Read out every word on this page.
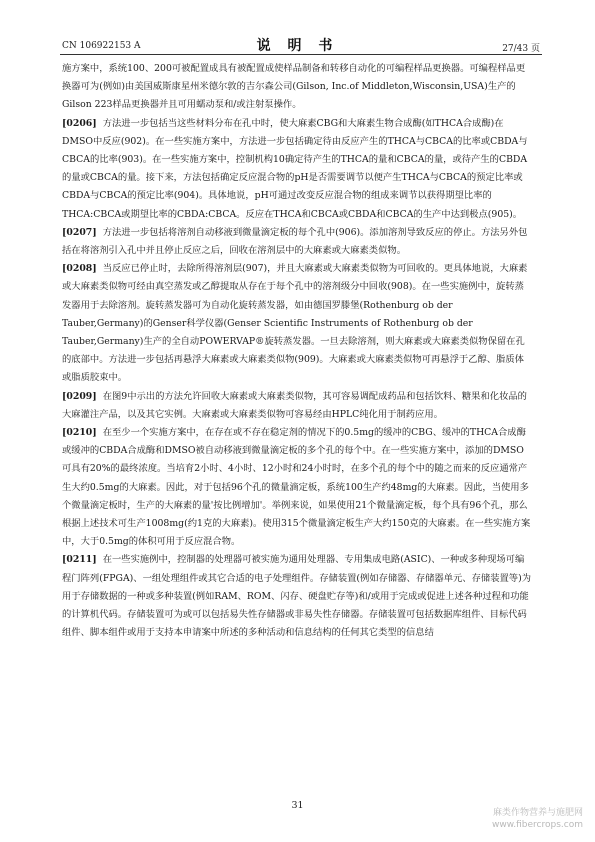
CN 106922153 A	说 明 书	27/43 页

施方案中，系统100、200可被配置成具有被配置成使样品制备和转移自动化的可编程样品更换器。可编程样品更换器可为(例如)由美国威斯康星州米德尔敦的吉尔森公司(Gilson, Inc.of Middleton,Wisconsin,USA)生产的Gilson 223样品更换器并且可用蠕动泵和/或注射泵操作。

[0206] 方法进一步包括当这些材料分布在孔中时，使大麻素CBG和大麻素生物合成酶(如THCA合成酶)在DMSO中反应(902)。在一些实施方案中，方法进一步包括确定待由反应产生的THCA与CBCA的比率或CBDA与CBCA的比率(903)。在一些实施方案中，控制机构10确定待产生的THCA的量和CBCA的量，或待产生的CBDA的量或CBCA的量。接下来，方法包括确定反应混合物的pH是否需要调节以便产生THCA与CBCA的预定比率或CBDA与CBCA的预定比率(904)。具体地说，pH可通过改变反应混合物的组成来调节以获得期望比率的THCA:CBCA或期望比率的CBDA:CBCA。反应在THCA和CBCA或CBDA和CBCA的生产中达到极点(905)。

[0207] 方法进一步包括将溶剂自动移液到微量滴定板的每个孔中(906)。添加溶剂导致反应的停止。方法另外包括在将溶剂引入孔中并且停止反应之后，回收在溶剂层中的大麻素或大麻素类似物。

[0208] 当反应已停止时，去除所得溶剂层(907)，并且大麻素或大麻素类似物为可回收的。更具体地说，大麻素或大麻素类似物可经由真空蒸发或乙醇提取从存在于每个孔中的溶剂级分中回收(908)。在一些实施例中，旋转蒸发器用于去除溶剂。旋转蒸发器可为自动化旋转蒸发器，如由德国罗滕堡(Rothenburg ob der Tauber,Germany)的Genser科学仪器(Genser Scientific Instruments of Rothenburg ob der Tauber,Germany)生产的全自动POWERVAP®旋转蒸发器。一旦去除溶剂，则大麻素或大麻素类似物保留在孔的底部中。方法进一步包括再悬浮大麻素或大麻素类似物(909)。大麻素或大麻素类似物可再悬浮于乙醇、脂质体或脂质胶束中。

[0209] 在图9中示出的方法允许回收大麻素或大麻素类似物，其可容易调配成药品和包括饮料、糖果和化妆品的大麻灌注产品，以及其它实例。大麻素或大麻素类似物可容易经由HPLC纯化用于制药应用。

[0210] 在至少一个实施方案中，在存在或不存在稳定剂的情况下的0.5mg的缓冲的CBG、缓冲的THCA合成酶或缓冲的CBDA合成酶和DMSO被自动移液到微量滴定板的多个孔的每个中。在一些实施方案中，添加的DMSO可具有20%的最终浓度。当培育2小时、4小时、12小时和24小时时，在多个孔的每个中的随之而来的反应通常产生大约0.5mg的大麻素。因此，对于包括96个孔的微量滴定板，系统100生产约48mg的大麻素。因此，当使用多个微量滴定板时，生产的大麻素的量'按比例增加'。举例来说，如果使用21个微量滴定板，每个具有96个孔，那么根据上述技术可生产1008mg(约1克的大麻素)。使用315个微量滴定板生产大约150克的大麻素。在一些实施方案中，大于0.5mg的体积可用于反应混合物。

[0211] 在一些实施例中，控制器的处理器可被实施为通用处理器、专用集成电路(ASIC)、一种或多种现场可编程门阵列(FPGA)、一组处理组件或其它合适的电子处理组件。存储装置(例如存储器、存储器单元、存储装置等)为用于存储数据的一种或多种装置(例如RAM、ROM、闪存、硬盘贮存等)和/或用于完成或促进上述各种过程和功能的计算机代码。存储装置可为或可以包括易失性存储器或非易失性存储器。存储装置可包括数据库组件、目标代码组件、脚本组件或用于支持本申请案中所述的多种活动和信息结构的任何其它类型的信息结

31
麻类作物营养与施肥网
www.fibercrops.com
